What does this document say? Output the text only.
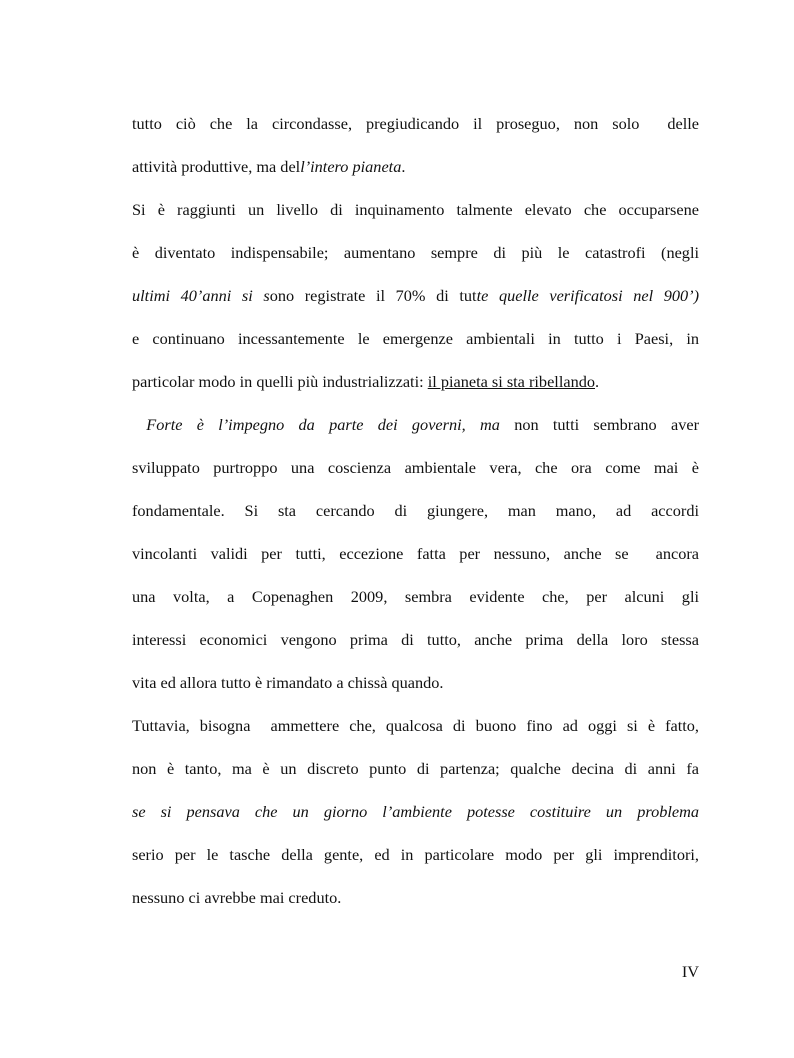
tutto ciò che la circondasse, pregiudicando il proseguo, non solo  delle
attività produttive, ma dell’intero pianeta.
Si è raggiunti un livello di inquinamento talmente elevato che occuparsene
è diventato indispensabile; aumentano sempre di più le catastrofi (negli
ultimi 40’anni si sono registrate il 70% di tutte quelle verificatosi nel 900’)
e continuano incessantemente le emergenze ambientali in tutto i Paesi, in
particolar modo in quelli più industrializzati: il pianeta si sta ribellando.
Forte è l’impegno da parte dei governi, ma non tutti sembrano aver
sviluppato purtroppo una coscienza ambientale vera, che ora come mai è
fondamentale. Si sta cercando di giungere, man mano, ad accordi
vincolanti validi per tutti, eccezione fatta per nessuno, anche se  ancora
una volta, a Copenaghen 2009, sembra evidente che, per alcuni gli
interessi economici vengono prima di tutto, anche prima della loro stessa
vita ed allora tutto è rimandato a chissà quando.
Tuttavia, bisogna  ammettere che, qualcosa di buono fino ad oggi si è fatto,
non è tanto, ma è un discreto punto di partenza; qualche decina di anni fa
se si pensava che un giorno l’ambiente potesse costituire un problema
serio per le tasche della gente, ed in particolare modo per gli imprenditori,
nessuno ci avrebbe mai creduto.
IV
